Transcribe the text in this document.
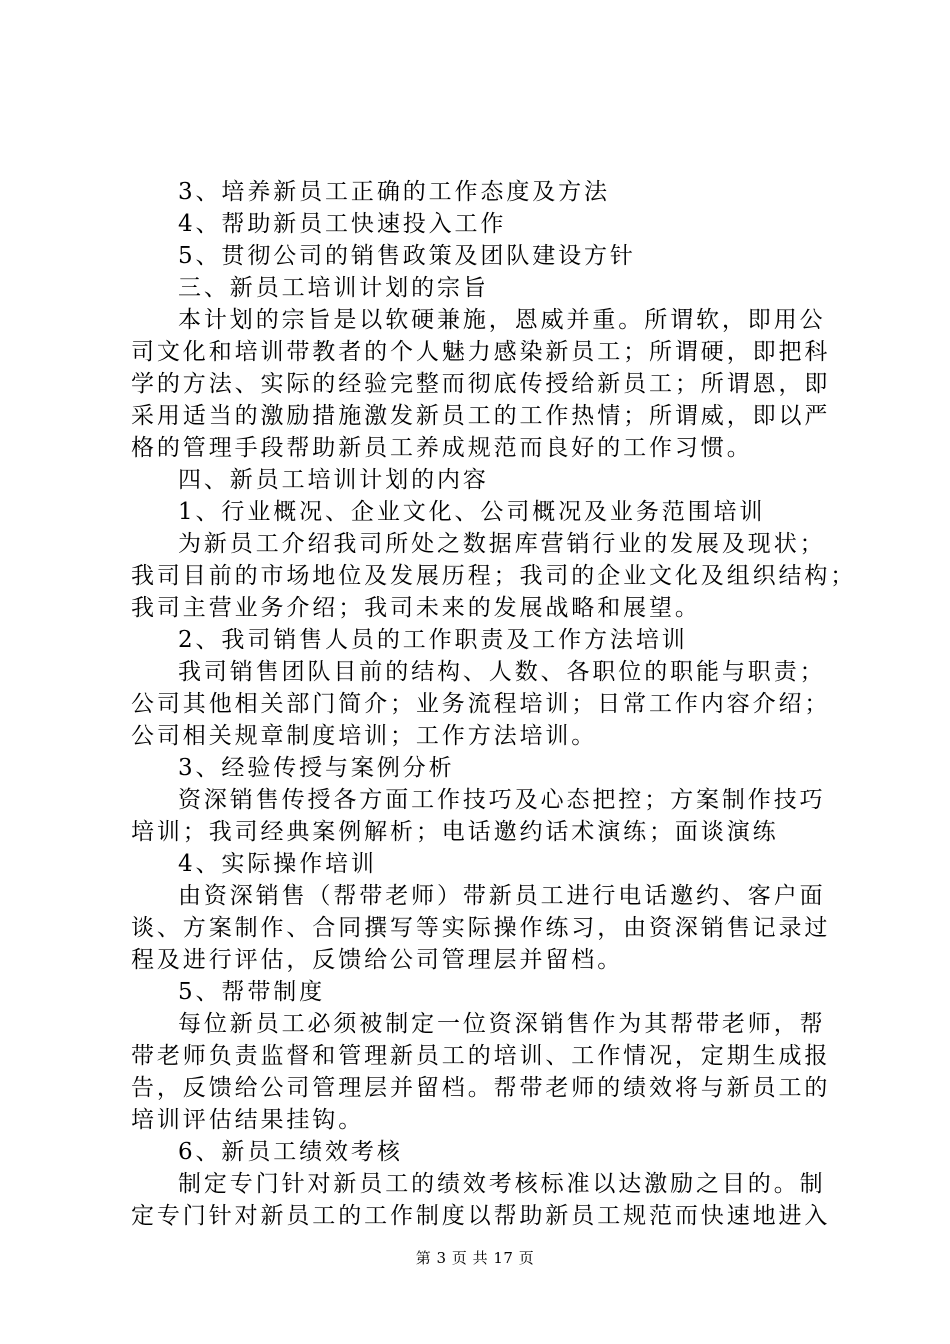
3、培养新员工正确的工作态度及方法
4、帮助新员工快速投入工作
5、贯彻公司的销售政策及团队建设方针
三、新员工培训计划的宗旨
本计划的宗旨是以软硬兼施，恩威并重。所谓软，即用公
司文化和培训带教者的个人魅力感染新员工；所谓硬，即把科
学的方法、实际的经验完整而彻底传授给新员工；所谓恩，即
采用适当的激励措施激发新员工的工作热情；所谓威，即以严
格的管理手段帮助新员工养成规范而良好的工作习惯。
四、新员工培训计划的内容
1、行业概况、企业文化、公司概况及业务范围培训
为新员工介绍我司所处之数据库营销行业的发展及现状；
我司目前的市场地位及发展历程；我司的企业文化及组织结构；
我司主营业务介绍；我司未来的发展战略和展望。
2、我司销售人员的工作职责及工作方法培训
我司销售团队目前的结构、人数、各职位的职能与职责；
公司其他相关部门简介；业务流程培训；日常工作内容介绍；
公司相关规章制度培训；工作方法培训。
3、经验传授与案例分析
资深销售传授各方面工作技巧及心态把控；方案制作技巧
培训；我司经典案例解析；电话邀约话术演练；面谈演练
4、实际操作培训
由资深销售（帮带老师）带新员工进行电话邀约、客户面
谈、方案制作、合同撰写等实际操作练习，由资深销售记录过
程及进行评估，反馈给公司管理层并留档。
5、帮带制度
每位新员工必须被制定一位资深销售作为其帮带老师，帮
带老师负责监督和管理新员工的培训、工作情况，定期生成报
告，反馈给公司管理层并留档。帮带老师的绩效将与新员工的
培训评估结果挂钩。
6、新员工绩效考核
制定专门针对新员工的绩效考核标准以达激励之目的。制
定专门针对新员工的工作制度以帮助新员工规范而快速地进入
第 3 页 共 17 页
